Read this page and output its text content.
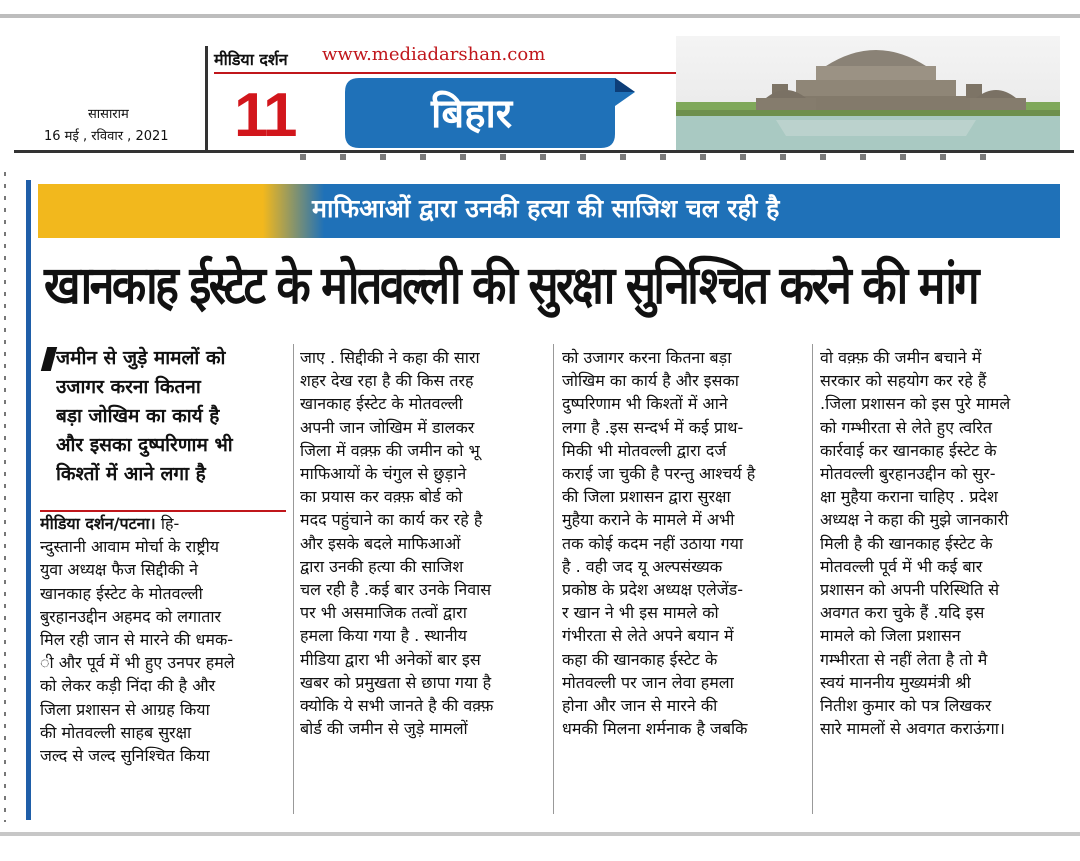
सासाराम
16 मई , रविवार , 2021
मीडिया दर्शन www.mediadarshan.com
11	बिहार
माफिआओं द्वारा उनकी हत्या की साजिश चल रही है
खानकाह ईस्टेट के मोतवल्ली की सुरक्षा सुनिश्चित करने की मांग
जमीन से जुड़े मामलों को
उजागर करना कितना
बड़ा जोखिम का कार्य है
और इसका दुष्परिणाम भी
किश्तों में आने लगा है
मीडिया दर्शन/पटना। हि-
न्दुस्तानी आवाम मोर्चा के राष्ट्रीय
युवा अध्यक्ष फैज सिद्दीकी ने
खानकाह ईस्टेट के मोतवल्ली
बुरहानउद्दीन अहमद को लगातार
मिल रही जान से मारने की धमक-
ी और पूर्व में भी हुए उनपर हमले
को लेकर कड़ी निंदा की है और
जिला प्रशासन से आग्रह किया
की मोतवल्ली साहब सुरक्षा
जल्द से जल्द सुनिश्चित किया
जाए . सिद्दीकी ने कहा की सारा
शहर देख रहा है की किस तरह
खानकाह ईस्टेट के मोतवल्ली
अपनी जान जोखिम में डालकर
जिला में वक़्फ़ की जमीन को भू
माफिआयों के चंगुल से छुड़ाने
का प्रयास कर वक़्फ़ बोर्ड को
मदद पहुंचाने का कार्य कर रहे है
और इसके बदले माफिआओं
द्वारा उनकी हत्या की साजिश
चल रही है .कई बार उनके निवास
पर भी असमाजिक तत्वों द्वारा
हमला किया गया है . स्थानीय
मीडिया द्वारा भी अनेकों बार इस
खबर को प्रमुखता से छापा गया है
क्योकि ये सभी जानते है की वक़्फ़
बोर्ड की जमीन से जुड़े मामलों
को उजागर करना कितना बड़ा
जोखिम का कार्य है और इसका
दुष्परिणाम भी किश्तों में आने
लगा है .इस सन्दर्भ में कई प्राथ-
मिकी भी मोतवल्ली द्वारा दर्ज
कराई जा चुकी है परन्तु आश्चर्य है
की जिला प्रशासन द्वारा सुरक्षा
मुहैया कराने के मामले में अभी
तक कोई कदम नहीं उठाया गया
है . वही जद यू अल्पसंख्यक
प्रकोष्ठ के प्रदेश अध्यक्ष एलेजेंड-
र खान ने भी इस मामले को
गंभीरता से लेते अपने बयान में
कहा की खानकाह ईस्टेट के
मोतवल्ली पर जान लेवा हमला
होना और जान से मारने की
धमकी मिलना शर्मनाक है जबकि
वो वक़्फ़ की जमीन बचाने में
सरकार को सहयोग कर रहे हैं
.जिला प्रशासन को इस पुरे मामले
को गम्भीरता से लेते हुए त्वरित
कार्रवाई कर खानकाह ईस्टेट के
मोतवल्ली बुरहानउद्दीन को सुर-
क्षा मुहैया कराना चाहिए . प्रदेश
अध्यक्ष ने कहा की मुझे जानकारी
मिली है की खानकाह ईस्टेट के
मोतवल्ली पूर्व में भी कई बार
प्रशासन को अपनी परिस्थिति से
अवगत करा चुके हैं .यदि इस
मामले को जिला प्रशासन
गम्भीरता से नहीं लेता है तो मै
स्वयं माननीय मुख्यमंत्री श्री
नितीश कुमार को पत्र लिखकर
सारे मामलों से अवगत कराऊंगा।
